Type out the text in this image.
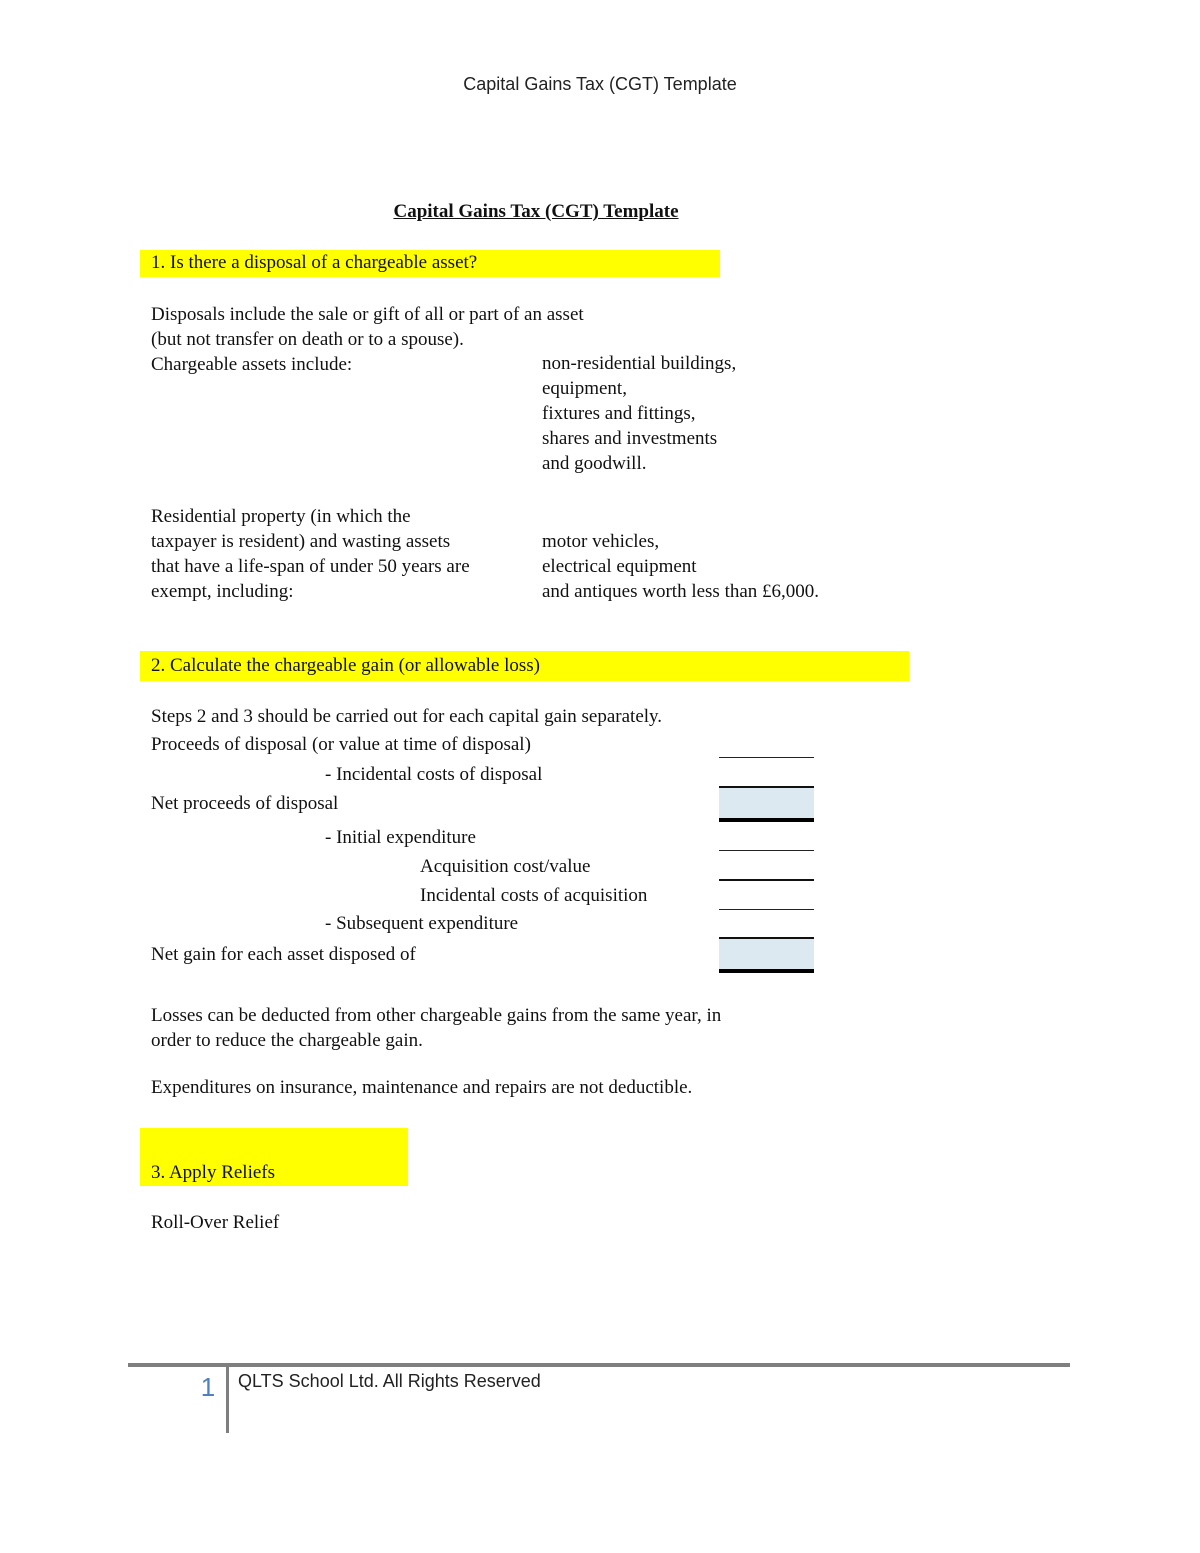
Capital Gains Tax (CGT) Template
Capital Gains Tax (CGT) Template
1. Is there a disposal of a chargeable asset?
Disposals include the sale or gift of all or part of an asset
(but not transfer on death or to a spouse).
Chargeable assets include:	non-residential buildings,
equipment,
fixtures and fittings,
shares and investments
and goodwill.
Residential property (in which the
taxpayer is resident) and wasting assets
that have a life-span of under 50 years are
exempt, including:
motor vehicles,
electrical equipment
and antiques worth less than £6,000.
2. Calculate the chargeable gain (or allowable loss)
Steps 2 and 3 should be carried out for each capital gain separately.
Proceeds of disposal (or value at time of disposal)
- Incidental costs of disposal
Net proceeds of disposal
- Initial expenditure
Acquisition cost/value
Incidental costs of acquisition
- Subsequent expenditure
Net gain for each asset disposed of
Losses can be deducted from other chargeable gains from the same year, in
order to reduce the chargeable gain.
Expenditures on insurance, maintenance and repairs are not deductible.
3. Apply Reliefs
Roll-Over Relief
1	QLTS School Ltd. All Rights Reserved
